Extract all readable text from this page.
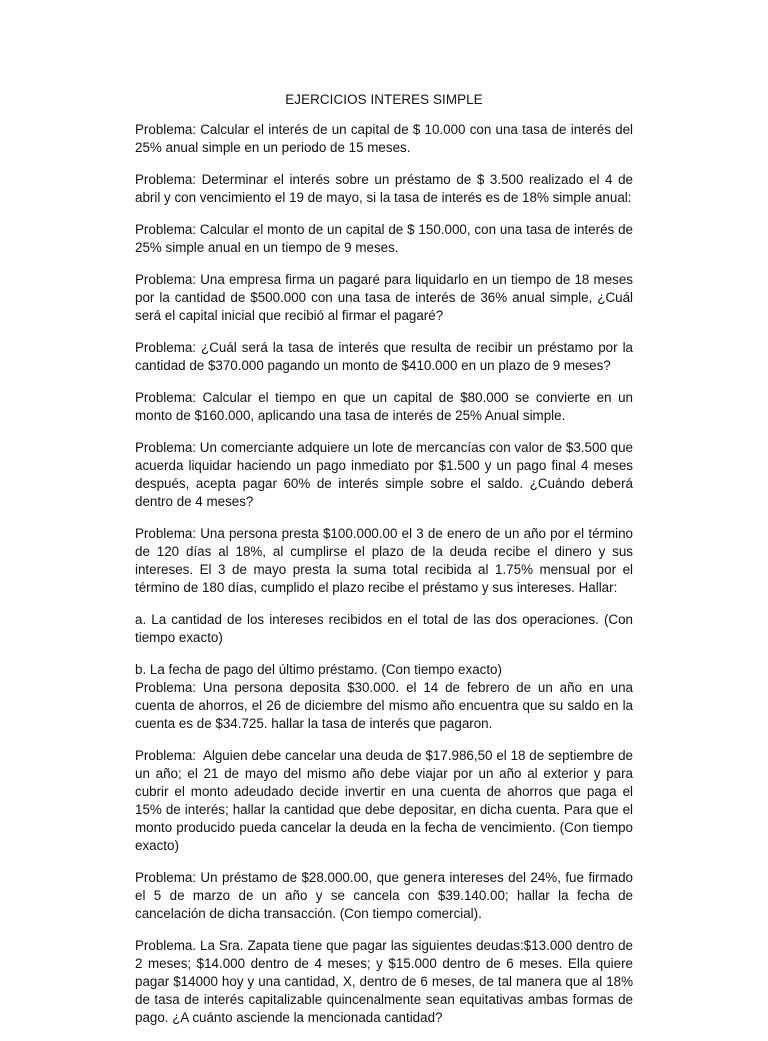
EJERCICIOS INTERES SIMPLE

Problema: Calcular el interés de un capital de $ 10.000 con una tasa de interés del 25% anual simple en un periodo de 15 meses.

Problema: Determinar el interés sobre un préstamo de $ 3.500 realizado el 4 de abril y con vencimiento el 19 de mayo, si la tasa de interés es de 18% simple anual:

Problema: Calcular el monto de un capital de $ 150.000, con una tasa de interés de 25% simple anual en un tiempo de 9 meses.

Problema: Una empresa firma un pagaré para liquidarlo en un tiempo de 18 meses por la cantidad de $500.000 con una tasa de interés de 36% anual simple, ¿Cuál será el capital inicial que recibió al firmar el pagaré?

Problema: ¿Cuál será la tasa de interés que resulta de recibir un préstamo por la cantidad de $370.000 pagando un monto de $410.000 en un plazo de 9 meses?

Problema: Calcular el tiempo en que un capital de $80.000 se convierte en un monto de $160.000, aplicando una tasa de interés de 25% Anual simple.

Problema: Un comerciante adquiere un lote de mercancías con valor de $3.500 que acuerda liquidar haciendo un pago inmediato por $1.500 y un pago final 4 meses después, acepta pagar 60% de interés simple sobre el saldo. ¿Cuándo deberá dentro de 4 meses?

Problema: Una persona presta $100.000.00 el 3 de enero de un año por el término de 120 días al 18%, al cumplirse el plazo de la deuda recibe el dinero y sus intereses. El 3 de mayo presta la suma total recibida al 1.75% mensual por el término de 180 días, cumplido el plazo recibe el préstamo y sus intereses. Hallar:

a. La cantidad de los intereses recibidos en el total de las dos operaciones. (Con tiempo exacto)

b. La fecha de pago del último préstamo. (Con tiempo exacto)

Problema: Una persona deposita $30.000. el 14 de febrero de un año en una cuenta de ahorros, el 26 de diciembre del mismo año encuentra que su saldo en la cuenta es de $34.725. hallar la tasa de interés que pagaron.

Problema:  Alguien debe cancelar una deuda de $17.986,50 el 18 de septiembre de un año; el 21 de mayo del mismo año debe viajar por un año al exterior y para cubrir el monto adeudado decide invertir en una cuenta de ahorros que paga el 15% de interés; hallar la cantidad que debe depositar, en dicha cuenta. Para que el monto producido pueda cancelar la deuda en la fecha de vencimiento. (Con tiempo exacto)

Problema: Un préstamo de $28.000.00, que genera intereses del 24%, fue firmado el 5 de marzo de un año y se cancela con $39.140.00; hallar la fecha de cancelación de dicha transacción. (Con tiempo comercial).

Problema. La Sra. Zapata tiene que pagar las siguientes deudas:$13.000 dentro de 2 meses; $14.000 dentro de 4 meses; y $15.000 dentro de 6 meses. Ella quiere pagar $14000 hoy y una cantidad, X, dentro de 6 meses, de tal manera que al 18% de tasa de interés capitalizable quincenalmente sean equitativas ambas formas de pago. ¿A cuánto asciende la mencionada cantidad?
